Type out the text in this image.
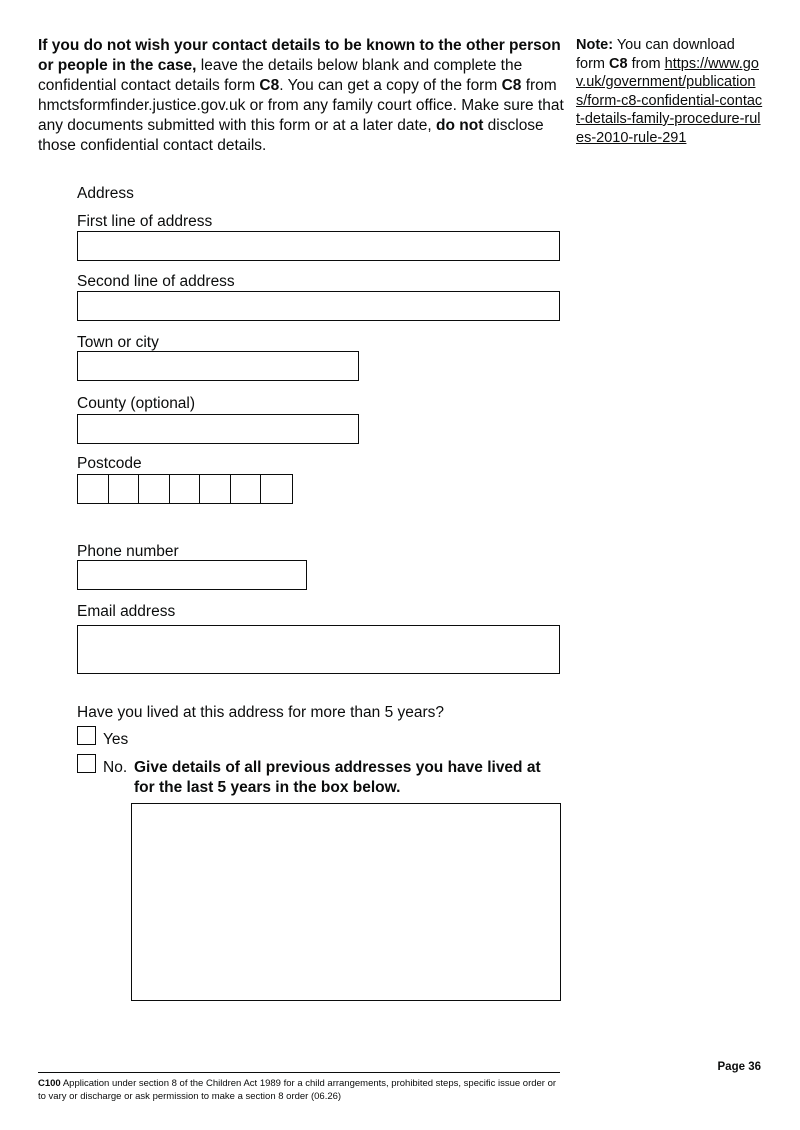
If you do not wish your contact details to be known to the other person or people in the case, leave the details below blank and complete the confidential contact details form C8. You can get a copy of the form C8 from hmctsformfinder.justice.gov.uk or from any family court office. Make sure that any documents submitted with this form or at a later date, do not disclose those confidential contact details.
Note: You can download form C8 from https://www.gov.uk/government/publications/form-c8-confidential-contact-details-family-procedure-rules-2010-rule-291
Address
First line of address
Second line of address
Town or city
County (optional)
Postcode
Phone number
Email address
Have you lived at this address for more than 5 years?
Yes
No. Give details of all previous addresses you have lived at for the last 5 years in the box below.
Page 36
C100 Application under section 8 of the Children Act 1989 for a child arrangements, prohibited steps, specific issue order or to vary or discharge or ask permission to make a section 8 order (06.26)
